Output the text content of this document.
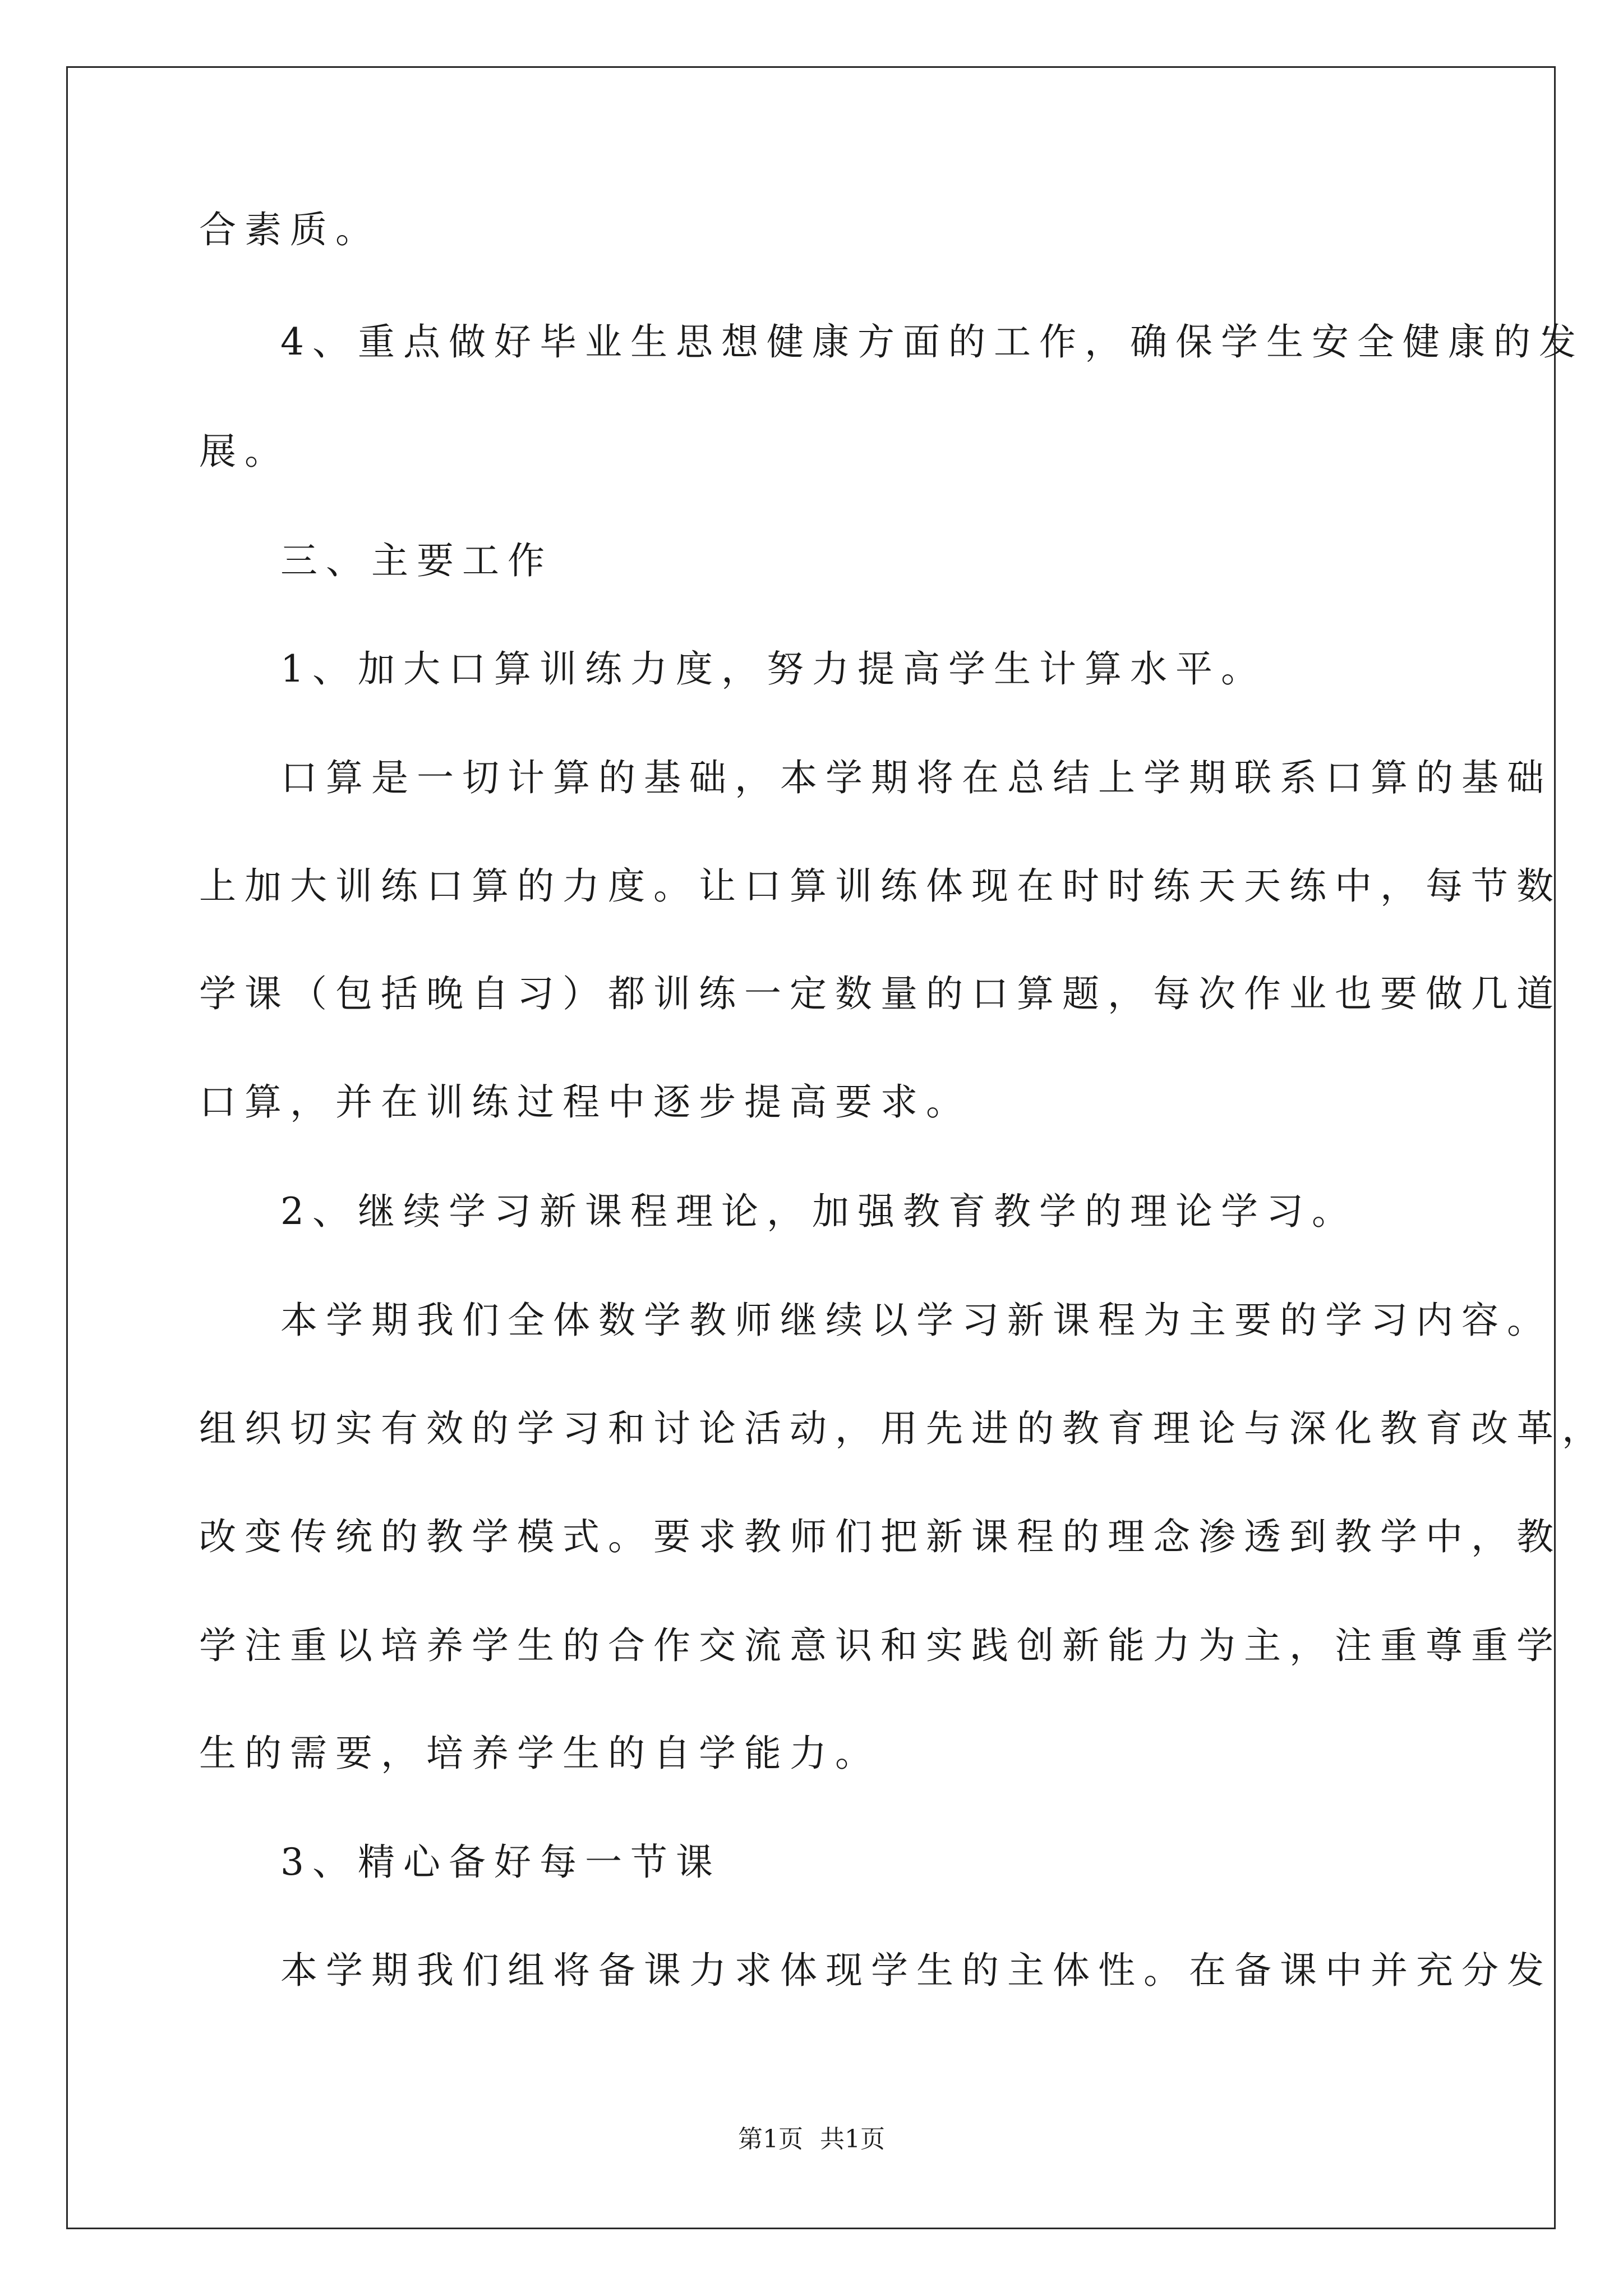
合素质。
4、重点做好毕业生思想健康方面的工作，确保学生安全健康的发
展。
三、主要工作
1、加大口算训练力度，努力提高学生计算水平。
口算是一切计算的基础，本学期将在总结上学期联系口算的基础
上加大训练口算的力度。让口算训练体现在时时练天天练中，每节数
学课（包括晚自习）都训练一定数量的口算题，每次作业也要做几道
口算，并在训练过程中逐步提高要求。
2、继续学习新课程理论，加强教育教学的理论学习。
本学期我们全体数学教师继续以学习新课程为主要的学习内容。
组织切实有效的学习和讨论活动，用先进的教育理论与深化教育改革，
改变传统的教学模式。要求教师们把新课程的理念渗透到教学中，教
学注重以培养学生的合作交流意识和实践创新能力为主，注重尊重学
生的需要，培养学生的自学能力。
3、精心备好每一节课
本学期我们组将备课力求体现学生的主体性。在备课中并充分发
第1页 共1页
